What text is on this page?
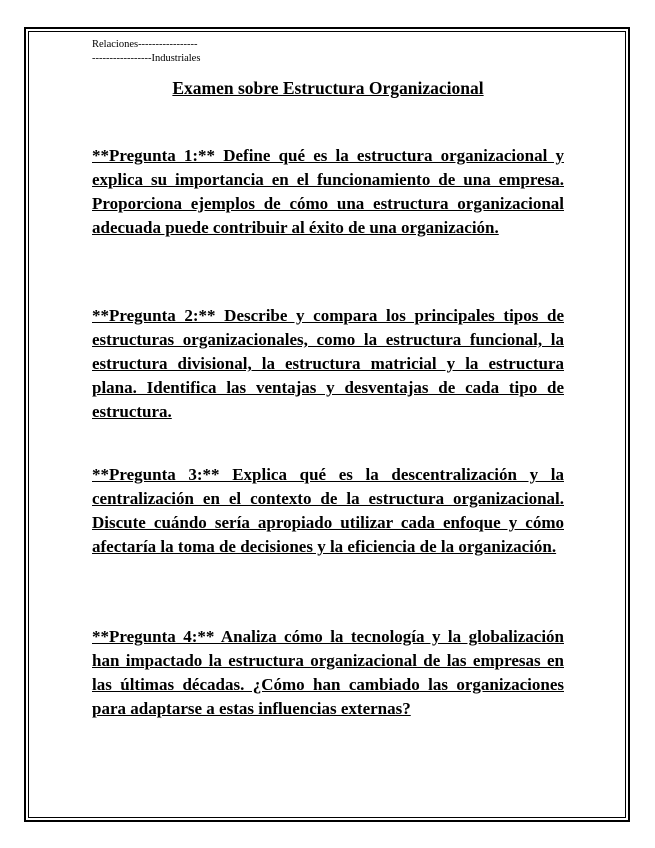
Relaciones-----------------
-----------------Industriales
Examen sobre Estructura Organizacional

**Pregunta 1:** Define qué es la estructura organizacional y explica su importancia en el funcionamiento de una empresa. Proporciona ejemplos de cómo una estructura organizacional adecuada puede contribuir al éxito de una organización.

**Pregunta 2:** Describe y compara los principales tipos de estructuras organizacionales, como la estructura funcional, la estructura divisional, la estructura matricial y la estructura plana. Identifica las ventajas y desventajas de cada tipo de estructura.

**Pregunta 3:** Explica qué es la descentralización y la centralización en el contexto de la estructura organizacional. Discute cuándo sería apropiado utilizar cada enfoque y cómo afectaría la toma de decisiones y la eficiencia de la organización.

**Pregunta 4:** Analiza cómo la tecnología y la globalización han impactado la estructura organizacional de las empresas en las últimas décadas. ¿Cómo han cambiado las organizaciones para adaptarse a estas influencias externas?
